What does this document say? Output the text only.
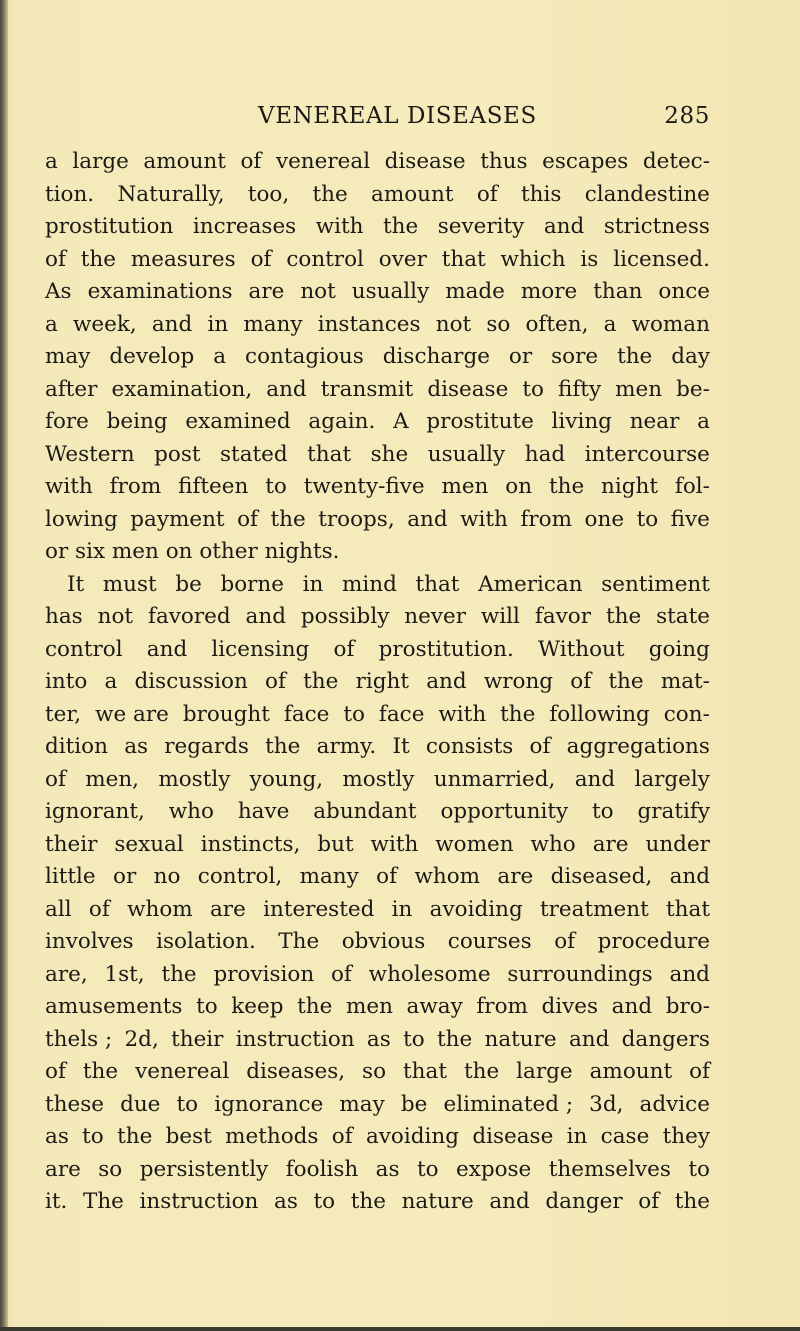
VENEREAL DISEASES	285
a large amount of venereal disease thus escapes detec-
tion. Naturally, too, the amount of this clandestine
prostitution increases with the severity and strictness
of the measures of control over that which is licensed.
As examinations are not usually made more than once
a week, and in many instances not so often, a woman
may develop a contagious discharge or sore the day
after examination, and transmit disease to fifty men be-
fore being examined again. A prostitute living near a
Western post stated that she usually had intercourse
with from fifteen to twenty-five men on the night fol-
lowing payment of the troops, and with from one to five
or six men on other nights.
It must be borne in mind that American sentiment
has not favored and possibly never will favor the state
control and licensing of prostitution. Without going
into a discussion of the right and wrong of the mat-
ter, we are brought face to face with the following con-
dition as regards the army. It consists of aggregations
of men, mostly young, mostly unmarried, and largely
ignorant, who have abundant opportunity to gratify
their sexual instincts, but with women who are under
little or no control, many of whom are diseased, and
all of whom are interested in avoiding treatment that
involves isolation. The obvious courses of procedure
are, 1st, the provision of wholesome surroundings and
amusements to keep the men away from dives and bro-
thels ; 2d, their instruction as to the nature and dangers
of the venereal diseases, so that the large amount of
these due to ignorance may be eliminated ; 3d, advice
as to the best methods of avoiding disease in case they
are so persistently foolish as to expose themselves to
it. The instruction as to the nature and danger of the
